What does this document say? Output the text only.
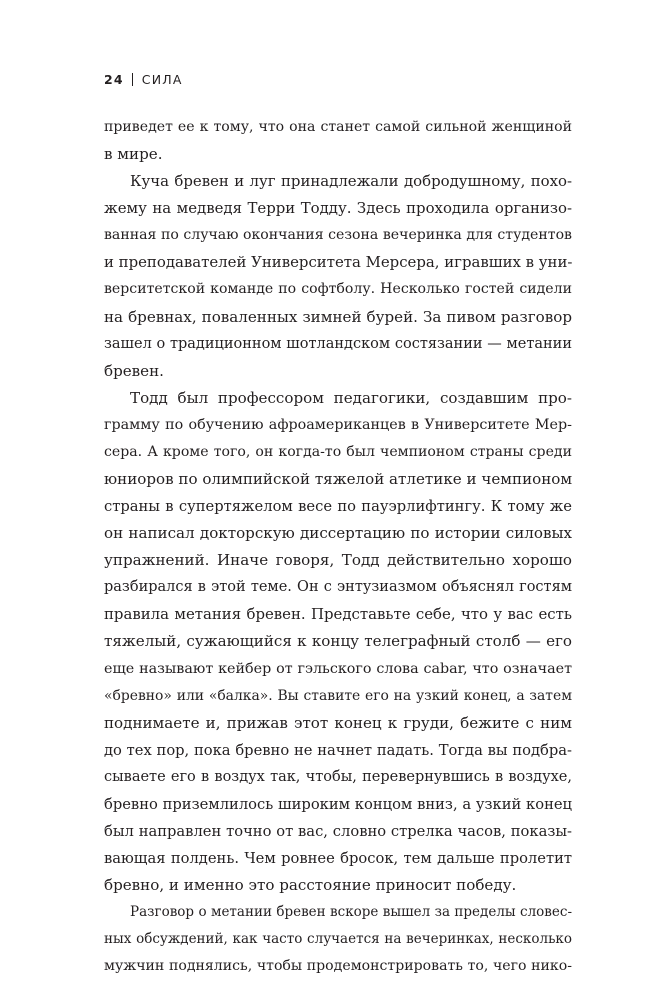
24 СИЛА
приведет ее к тому, что она станет самой сильной женщиной
в мире.
Куча бревен и луг принадлежали добродушному, похо-
жему на медведя Терри Тодду. Здесь проходила организо-
ванная по случаю окончания сезона вечеринка для студентов
и преподавателей Университета Мерсера, игравших в уни-
верситетской команде по софтболу. Несколько гостей сидели
на бревнах, поваленных зимней бурей. За пивом разговор
зашел о традиционном шотландском состязании — метании
бревен.
Тодд был профессором педагогики, создавшим про-
грамму по обучению афроамериканцев в Университете Мер-
сера. А кроме того, он когда-то был чемпионом страны среди
юниоров по олимпийской тяжелой атлетике и чемпионом
страны в супертяжелом весе по пауэрлифтингу. К тому же
он написал докторскую диссертацию по истории силовых
упражнений. Иначе говоря, Тодд действительно хорошо
разбирался в этой теме. Он с энтузиазмом объяснял гостям
правила метания бревен. Представьте себе, что у вас есть
тяжелый, сужающийся к концу телеграфный столб — его
еще называют кейбер от гэльского слова cabar, что означает
«бревно» или «балка». Вы ставите его на узкий конец, а затем
поднимаете и, прижав этот конец к груди, бежите с ним
до тех пор, пока бревно не начнет падать. Тогда вы подбра-
сываете его в воздух так, чтобы, перевернувшись в воздухе,
бревно приземлилось широким концом вниз, а узкий конец
был направлен точно от вас, словно стрелка часов, показы-
вающая полдень. Чем ровнее бросок, тем дальше пролетит
бревно, и именно это расстояние приносит победу.
Разговор о метании бревен вскоре вышел за пределы словес-
ных обсуждений, как часто случается на вечеринках, несколько
мужчин поднялись, чтобы продемонстрировать то, чего нико-
